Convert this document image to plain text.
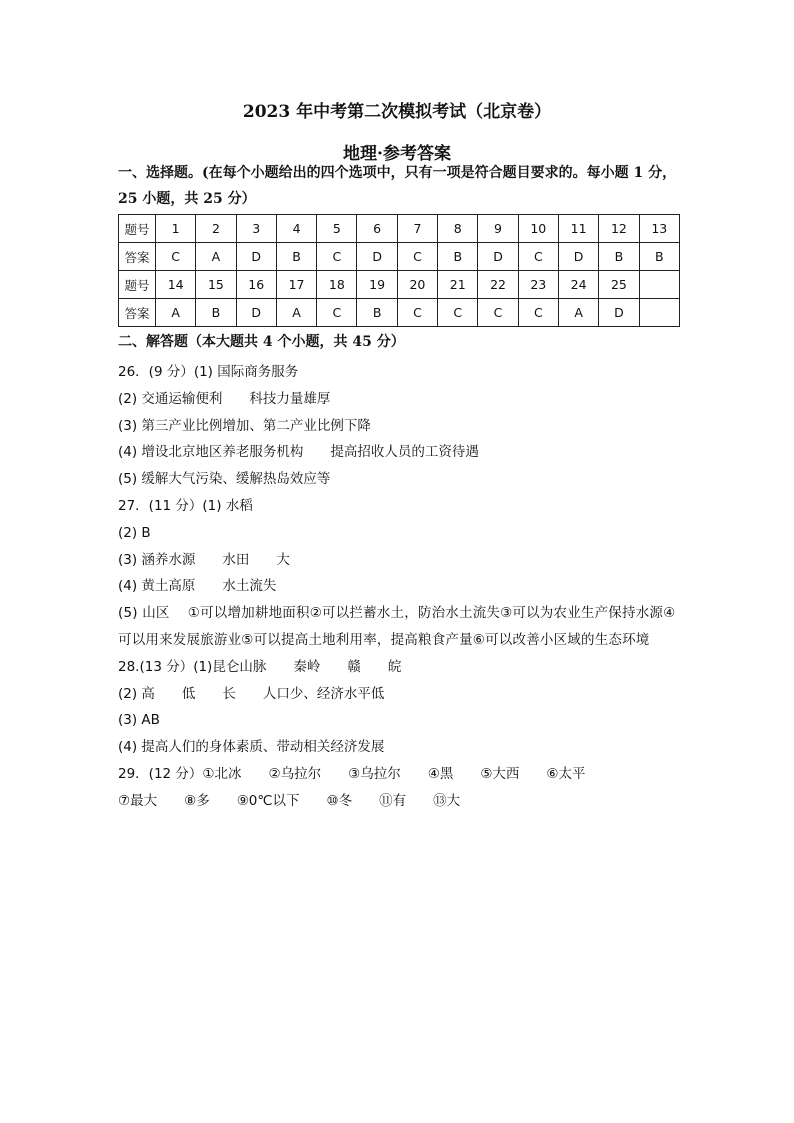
2023 年中考第二次模拟考试（北京卷）
地理·参考答案
一、选择题。(在每个小题给出的四个选项中，只有一项是符合题目要求的。每小题 1 分，25 小题，共 25 分）
题号	1	2	3	4	5	6	7	8	9	10	11	12	13
答案	C	A	D	B	C	D	C	B	D	C	D	B	B
题号	14	15	16	17	18	19	20	21	22	23	24	25	
答案	A	B	D	A	C	B	C	C	C	C	A	D	
二、解答题（本大题共 4 个小题，共 45 分）
26．(9 分）(1) 国际商务服务
(2) 交通运输便利　　科技力量雄厚
(3) 第三产业比例增加、第二产业比例下降
(4) 增设北京地区养老服务机构　　提高招收人员的工资待遇
(5) 缓解大气污染、缓解热岛效应等
27．(11 分）(1) 水稻
(2) B
(3) 涵养水源　　水田　　大
(4) 黄土高原　　水土流失
(5) 山区　 ①可以增加耕地面积②可以拦蓄水土，防治水土流失③可以为农业生产保持水源④可以用来发展旅游业⑤可以提高土地利用率，提高粮食产量⑥可以改善小区域的生态环境
28.(13 分）(1)昆仑山脉　　秦岭　　赣　　皖
(2) 高　　低　　长　　人口少、经济水平低
(3) AB
(4) 提高人们的身体素质、带动相关经济发展
29．(12 分）①北冰　　②乌拉尔　　③乌拉尔　　④黑　　⑤大西　　⑥太平
⑦最大　　⑧多　　⑨0℃以下　　⑩冬　　⑪有　　⑬大
